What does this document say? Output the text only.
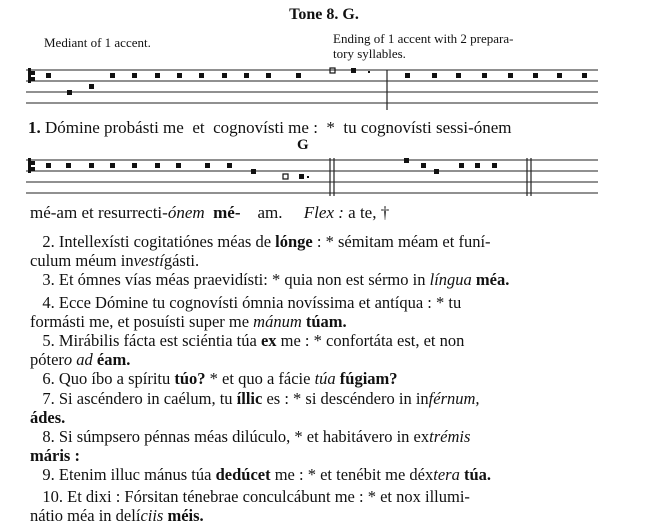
Tone 8. G.
Mediant of 1 accent.	Ending of 1 accent with 2 prepara-
tory syllables.
1. Dómine probásti me et cognovísti me : * tu cognovísti sessi-ónem
G
mé-am et resurrecti-ónem mé- am. Flex : a te, †
2. Intellexísti cogitatiónes méas de lónge : * sémitam méam et funí-
culum méum investígásti.
3. Et ómnes vías méas praevidísti: * quia non est sérmo in língua méa.
4. Ecce Dómine tu cognovísti ómnia novíssima et antíqua : * tu
formásti me, et posuísti super me mánum túam.
5. Mirábilis fácta est sciéntia túa ex me : * confortáta est, et non
pótero ad éam.
6. Quo íbo a spíritu túo? * et quo a fácie túa fúgiam?
7. Si ascéndero in caélum, tu íllic es : * si descéndero in inférnum,
ádes.
8. Si súmpsero pénnas méas dilúculo, * et habitávero in extrémis
máris :
9. Etenim illuc mánus túa dedúcet me : * et tenébit me déxtera túa.
10. Et dixi : Fórsitan ténebrae conculcábunt me : * et nox illumi-
nátio méa in delíciis méis.
